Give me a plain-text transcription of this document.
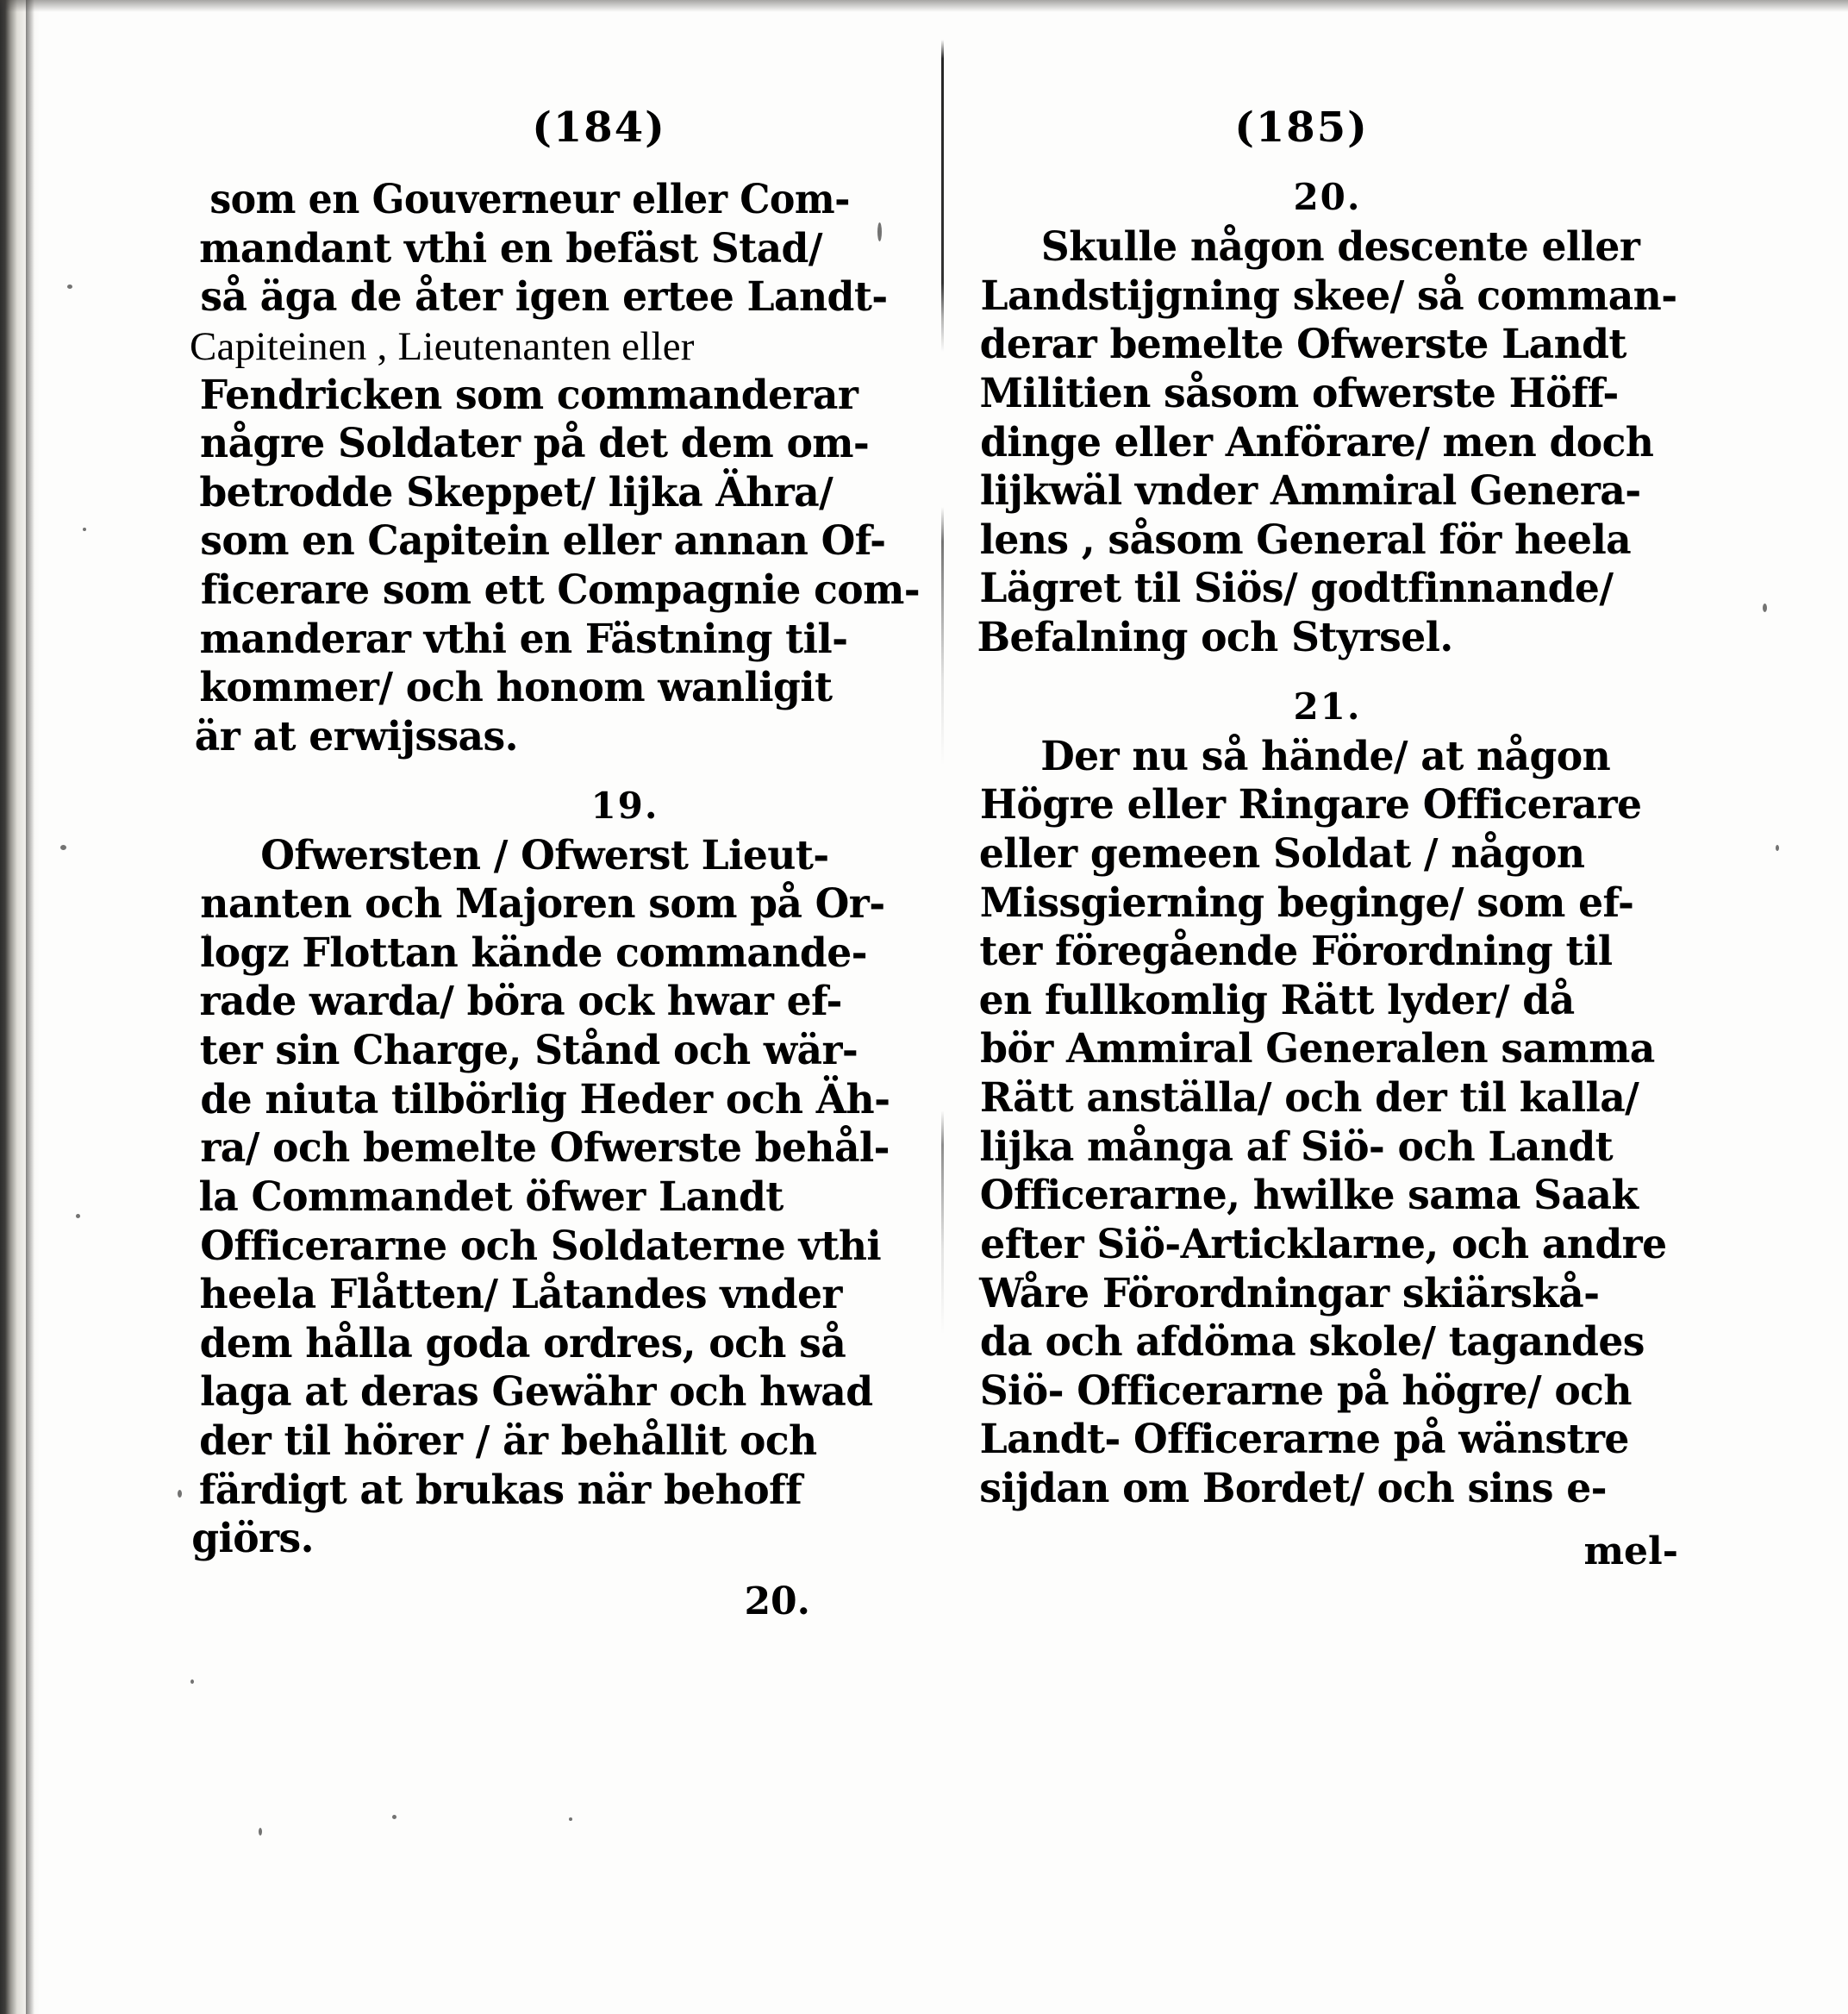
(184)
som en Gouverneur eller Com-
mandant vthi en befäst Stad/
så äga de åter igen ertee Landt-
Capiteinen , Lieutenanten eller
Fendricken som commanderar
någre Soldater på det dem om-
betrodde Skeppet/ lijka Ähra/
som en Capitein eller annan Of-
ficerare som ett Compagnie com-
manderar vthi en Fästning til-
kommer/ och honom wanligit
är at erwijssas.
19.
Ofwersten / Ofwerst Lieut-
nanten och Majoren som på Or-
logz Flottan kände commande-
rade warda/ böra ock hwar ef-
ter sin Charge, Stånd och wär-
de niuta tilbörlig Heder och Äh-
ra/ och bemelte Ofwerste behål-
la Commandet öfwer Landt
Officerarne och Soldaterne vthi
heela Flåtten/ Låtandes vnder
dem hålla goda ordres, och så
laga at deras Gewähr och hwad
der til hörer / är behållit och
färdigt at brukas när behoff
giörs.
20.
(185)
20.
Skulle någon descente eller
Landstijgning skee/ så comman-
derar bemelte Ofwerste Landt
Militien såsom ofwerste Höff-
dinge eller Anförare/ men doch
lijkwäl vnder Ammiral Genera-
lens , såsom General för heela
Lägret til Siös/ godtfinnande/
Befalning och Styrsel.
21.
Der nu så hände/ at någon
Högre eller Ringare Officerare
eller gemeen Soldat / någon
Missgierning beginge/ som ef-
ter föregående Förordning til
en fullkomlig Rätt lyder/ då
bör Ammiral Generalen samma
Rätt anställa/ och der til kalla/
lijka många af Siö- och Landt
Officerarne, hwilke sama Saak
efter Siö-Articklarne, och andre
Wåre Förordningar skiärskå-
da och afdöma skole/ tagandes
Siö- Officerarne på högre/ och
Landt- Officerarne på wänstre
sijdan om Bordet/ och sins e-
mel-
